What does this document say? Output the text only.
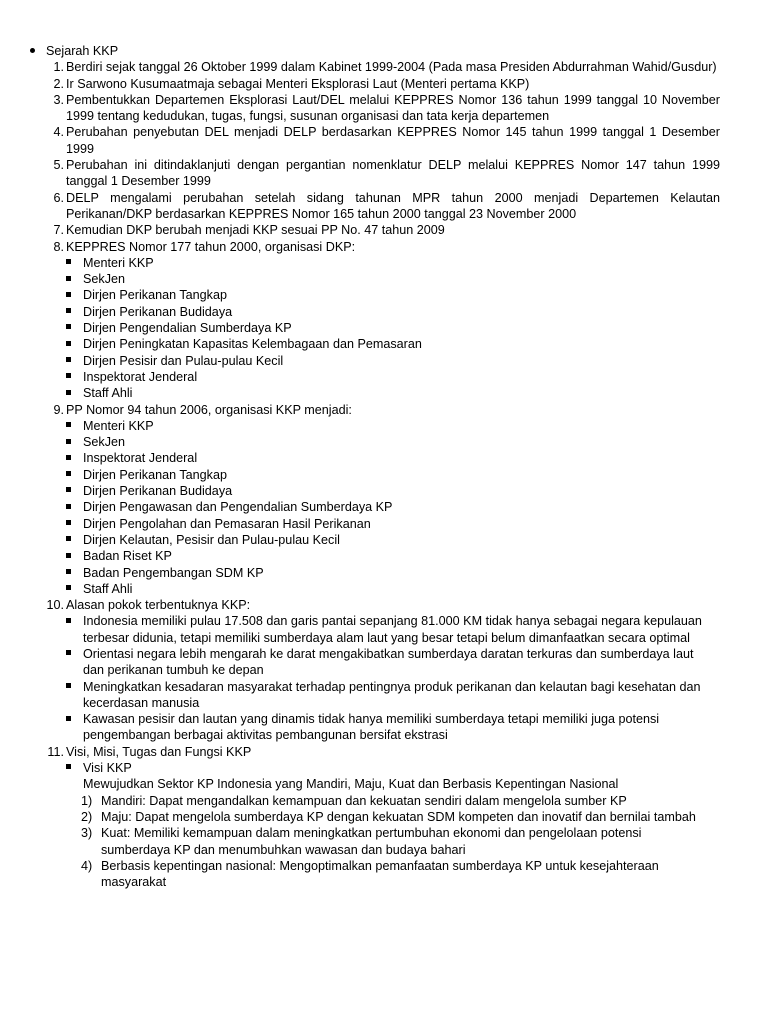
Sejarah KKP
1. Berdiri sejak tanggal 26 Oktober 1999 dalam Kabinet 1999-2004 (Pada masa Presiden Abdurrahman Wahid/Gusdur)
2. Ir Sarwono Kusumaatmaja sebagai Menteri Eksplorasi Laut (Menteri pertama KKP)
3. Pembentukkan Departemen Eksplorasi Laut/DEL melalui KEPPRES Nomor 136 tahun 1999 tanggal 10 November 1999 tentang kedudukan, tugas, fungsi, susunan organisasi dan tata kerja departemen
4. Perubahan penyebutan DEL menjadi DELP berdasarkan KEPPRES Nomor 145 tahun 1999 tanggal 1 Desember 1999
5. Perubahan ini ditindaklanjuti dengan pergantian nomenklatur DELP melalui KEPPRES Nomor 147 tahun 1999 tanggal 1 Desember 1999
6. DELP mengalami perubahan setelah sidang tahunan MPR tahun 2000 menjadi Departemen Kelautan Perikanan/DKP berdasarkan KEPPRES Nomor 165 tahun 2000 tanggal 23 November 2000
7. Kemudian DKP berubah menjadi KKP sesuai PP No. 47 tahun 2009
8. KEPPRES Nomor 177 tahun 2000, organisasi DKP:
Menteri KKP
SekJen
Dirjen Perikanan Tangkap
Dirjen Perikanan Budidaya
Dirjen Pengendalian Sumberdaya KP
Dirjen Peningkatan Kapasitas Kelembagaan dan Pemasaran
Dirjen Pesisir dan Pulau-pulau Kecil
Inspektorat Jenderal
Staff Ahli
9. PP Nomor 94 tahun 2006, organisasi KKP menjadi:
Menteri KKP
SekJen
Inspektorat Jenderal
Dirjen Perikanan Tangkap
Dirjen Perikanan Budidaya
Dirjen Pengawasan dan Pengendalian Sumberdaya KP
Dirjen Pengolahan dan Pemasaran Hasil Perikanan
Dirjen Kelautan, Pesisir dan Pulau-pulau Kecil
Badan Riset KP
Badan Pengembangan SDM KP
Staff Ahli
10. Alasan pokok terbentuknya KKP:
Indonesia memiliki pulau 17.508 dan garis pantai sepanjang 81.000 KM tidak hanya sebagai negara kepulauan
terbesar didunia, tetapi memiliki sumberdaya alam laut yang besar tetapi belum dimanfaatkan secara optimal
Orientasi negara lebih mengarah ke darat mengakibatkan sumberdaya daratan terkuras dan sumberdaya laut
dan perikanan tumbuh ke depan
Meningkatkan kesadaran masyarakat terhadap pentingnya produk perikanan dan kelautan bagi kesehatan dan
kecerdasan manusia
Kawasan pesisir dan lautan yang dinamis tidak hanya memiliki sumberdaya tetapi memiliki juga potensi
pengembangan berbagai aktivitas pembangunan bersifat ekstrasi
11. Visi, Misi, Tugas dan Fungsi KKP
Visi KKP
Mewujudkan Sektor KP Indonesia yang Mandiri, Maju, Kuat dan Berbasis Kepentingan Nasional
1) Mandiri: Dapat mengandalkan kemampuan dan kekuatan sendiri dalam mengelola sumber KP
2) Maju: Dapat mengelola sumberdaya KP dengan kekuatan SDM kompeten dan inovatif dan bernilai tambah
3) Kuat: Memiliki kemampuan dalam meningkatkan pertumbuhan ekonomi dan pengelolaan potensi
sumberdaya KP dan menumbuhkan wawasan dan budaya bahari
4) Berbasis kepentingan nasional: Mengoptimalkan pemanfaatan sumberdaya KP untuk kesejahteraan
masyarakat
